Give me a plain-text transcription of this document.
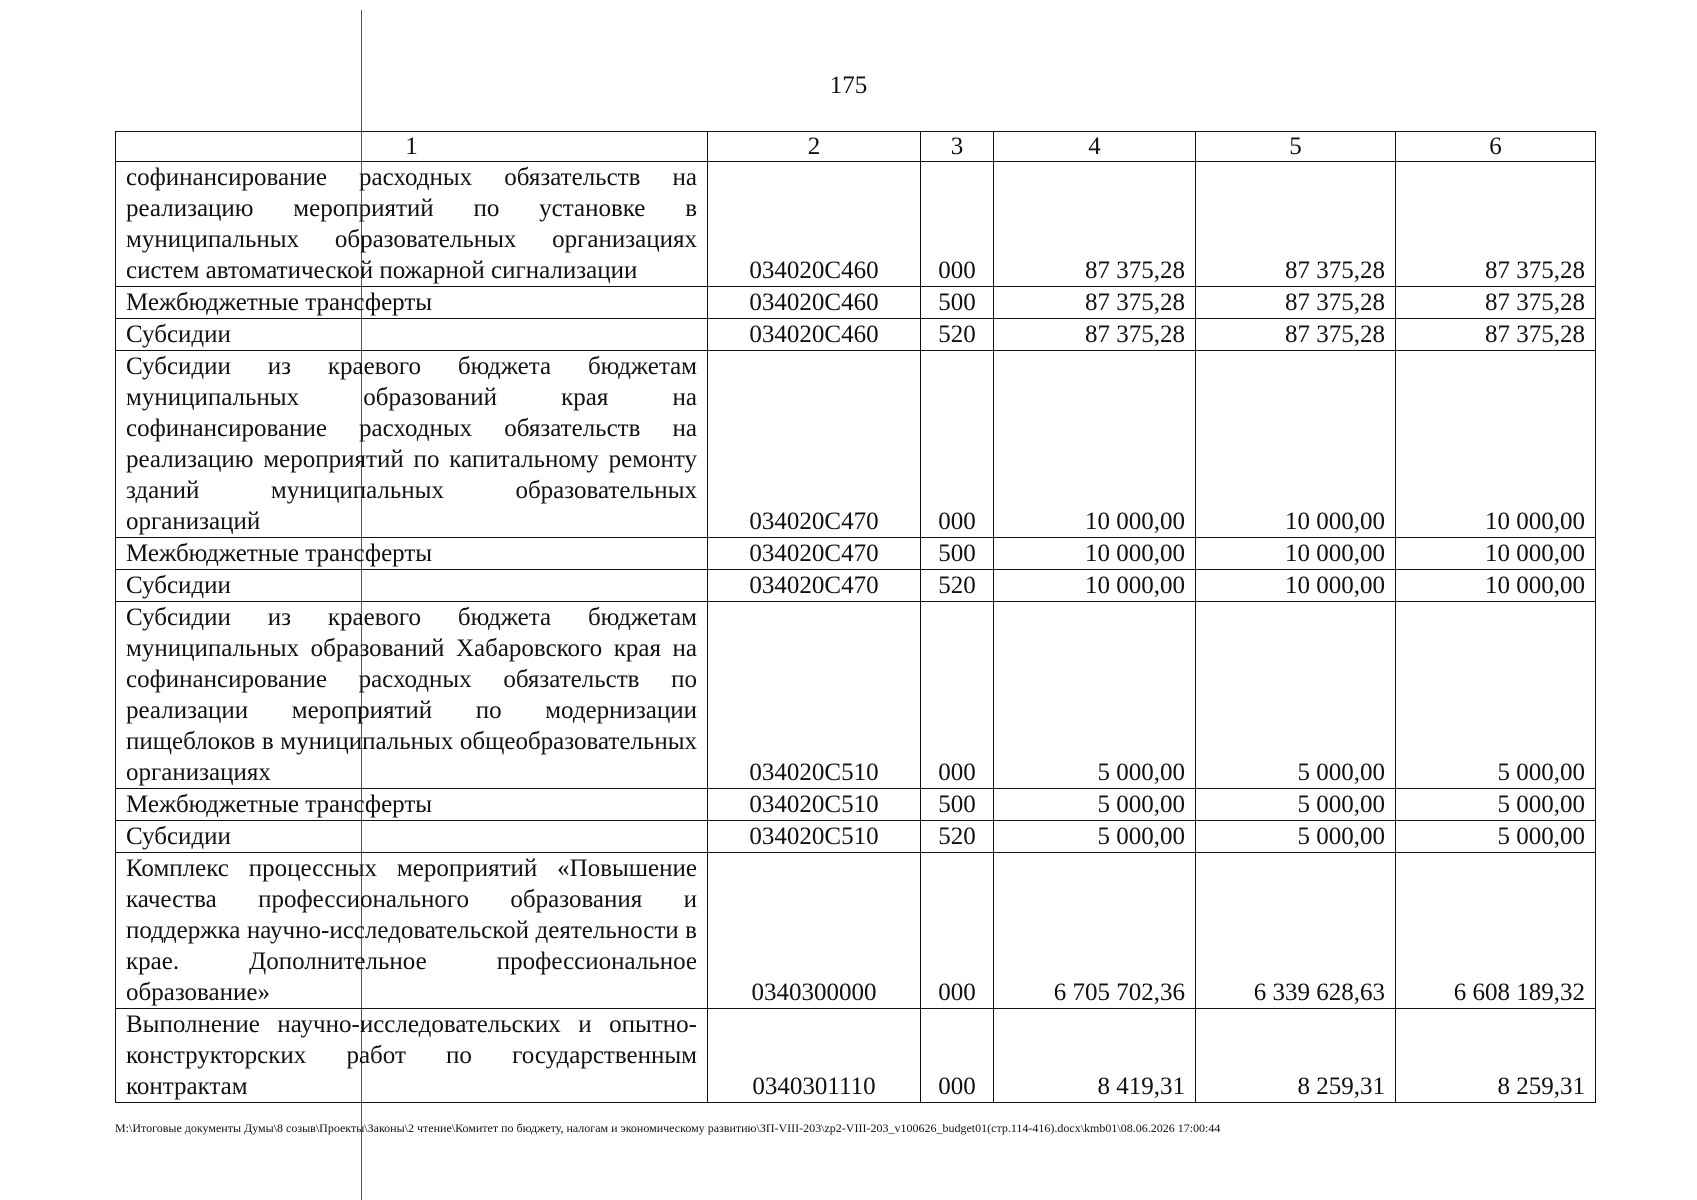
175
1	2	3	4	5	6
софинансирование расходных обязательств на реализацию мероприятий по установке в муниципальных образовательных организациях систем автоматической пожарной сигнализации	034020С460	000	87 375,28	87 375,28	87 375,28
Межбюджетные трансферты	034020С460	500	87 375,28	87 375,28	87 375,28
Субсидии	034020С460	520	87 375,28	87 375,28	87 375,28
Субсидии из краевого бюджета бюджетам муниципальных образований края на софинансирование расходных обязательств на реализацию мероприятий по капитальному ремонту зданий муниципальных образовательных организаций	034020С470	000	10 000,00	10 000,00	10 000,00
Межбюджетные трансферты	034020С470	500	10 000,00	10 000,00	10 000,00
Субсидии	034020С470	520	10 000,00	10 000,00	10 000,00
Субсидии из краевого бюджета бюджетам муниципальных образований Хабаровского края на софинансирование расходных обязательств по реализации мероприятий по модернизации пищеблоков в муниципальных общеобразовательных организациях	034020С510	000	5 000,00	5 000,00	5 000,00
Межбюджетные трансферты	034020С510	500	5 000,00	5 000,00	5 000,00
Субсидии	034020С510	520	5 000,00	5 000,00	5 000,00
Комплекс процессных мероприятий «Повышение качества профессионального образования и поддержка научно-исследовательской деятельности в крае. Дополнительное профессиональное образование»	0340300000	000	6 705 702,36	6 339 628,63	6 608 189,32
Выполнение научно-исследовательских и опытно-конструкторских работ по государственным контрактам	0340301110	000	8 419,31	8 259,31	8 259,31
M:\Итоговые документы Думы\8 созыв\Проекты\Законы\2 чтение\Комитет по бюджету, налогам и экономическому развитию\ЗП-VIII-203\zp2-VIII-203_v100626_budget01(стр.114-416).docx\kmb01\08.06.2026 17:00:44
